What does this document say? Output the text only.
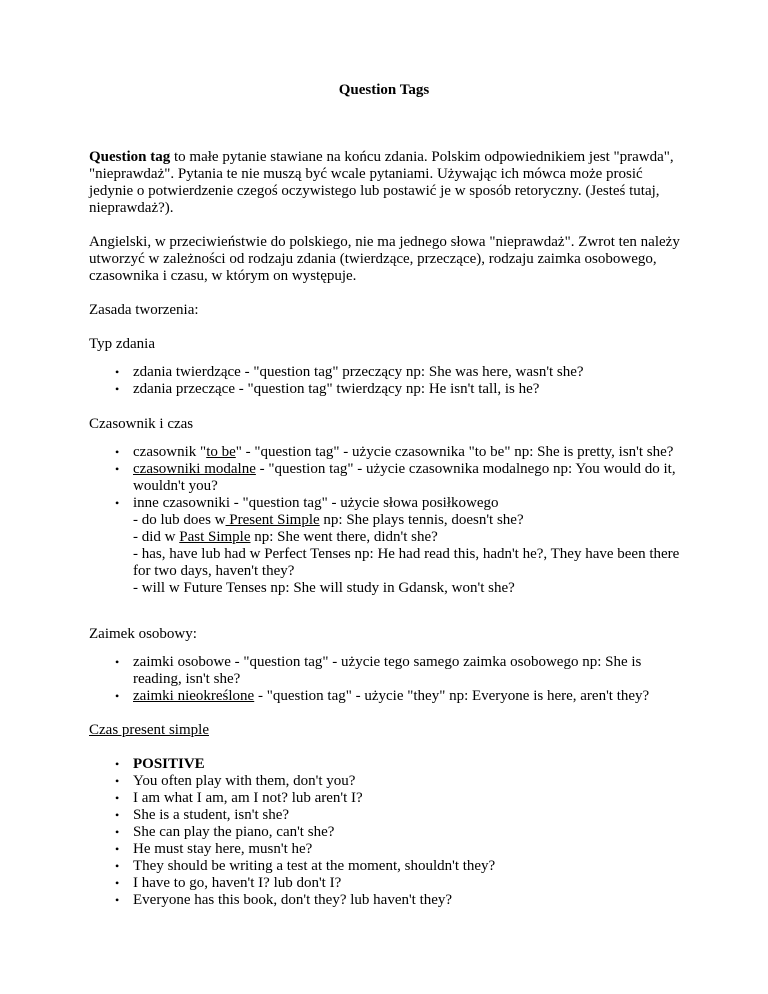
Question Tags

Question tag to małe pytanie stawiane na końcu zdania. Polskim odpowiednikiem jest "prawda", "nieprawdaż". Pytania te nie muszą być wcale pytaniami. Używając ich mówca może prosić jedynie o potwierdzenie czegoś oczywistego lub postawić je w sposób retoryczny. (Jesteś tutaj, nieprawdaż?).

Angielski, w przeciwieństwie do polskiego, nie ma jednego słowa "nieprawdaż". Zwrot ten należy utworzyć w zależności od rodzaju zdania (twierdzące, przeczące), rodzaju zaimka osobowego, czasownika i czasu, w którym on występuje.

Zasada tworzenia:

Typ zdania

• zdania twierdzące - "question tag" przeczący np: She was here, wasn't she?
• zdania przeczące - "question tag" twierdzący np: He isn't tall, is he?

Czasownik i czas

• czasownik "to be" - "question tag" - użycie czasownika "to be" np: She is pretty, isn't she?
• czasowniki modalne - "question tag" - użycie czasownika modalnego np: You would do it, wouldn't you?
• inne czasowniki - "question tag" - użycie słowa posiłkowego
- do lub does w Present Simple np: She plays tennis, doesn't she?
- did w Past Simple np: She went there, didn't she?
- has, have lub had w Perfect Tenses np: He had read this, hadn't he?, They have been there for two days, haven't they?
- will w Future Tenses np: She will study in Gdansk, won't she?

Zaimek osobowy:

• zaimki osobowe - "question tag" - użycie tego samego zaimka osobowego np: She is reading, isn't she?
• zaimki nieokreślone - "question tag" - użycie "they" np: Everyone is here, aren't they?

Czas present simple

• POSITIVE
• You often play with them, don't you?
• I am what I am, am I not? lub aren't I?
• She is a student, isn't she?
• She can play the piano, can't she?
• He must stay here, musn't he?
• They should be writing a test at the moment, shouldn't they?
• I have to go, haven't I? lub don't I?
• Everyone has this book, don't they? lub haven't they?
